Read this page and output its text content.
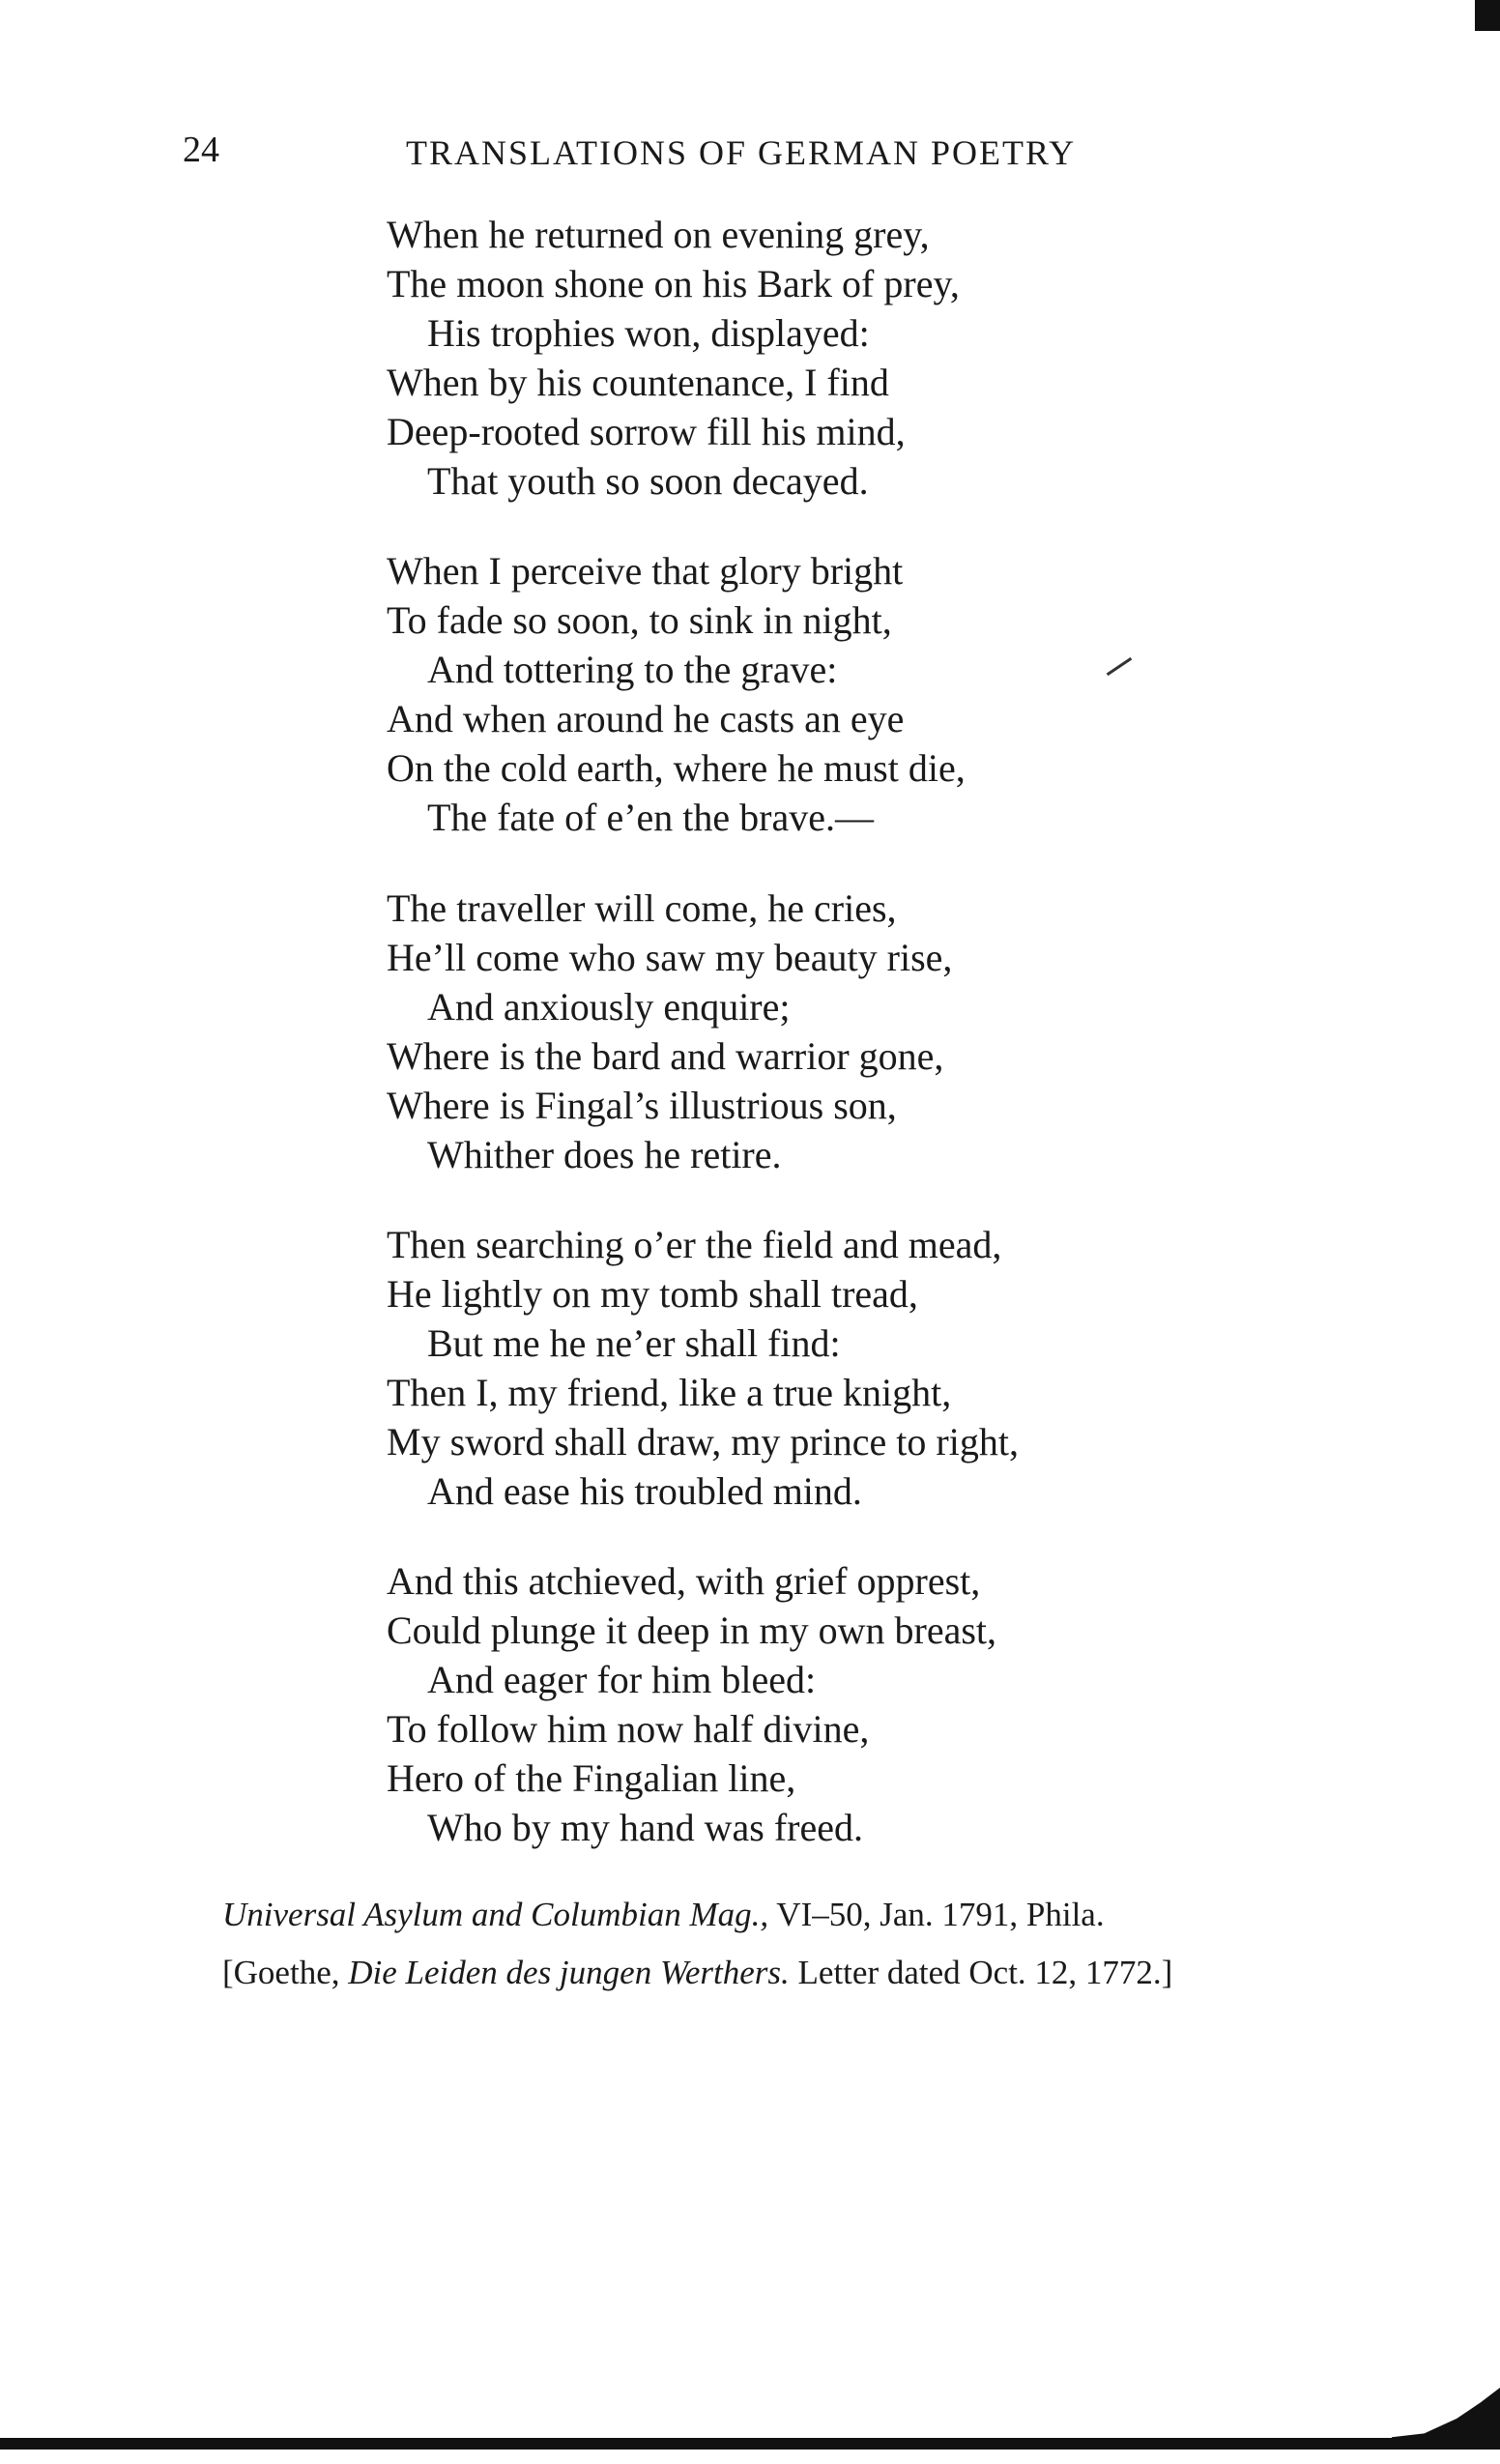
24	TRANSLATIONS OF GERMAN POETRY
When he returned on evening grey,
The moon shone on his Bark of prey,
His trophies won, displayed:
When by his countenance, I find
Deep-rooted sorrow fill his mind,
That youth so soon decayed.
When I perceive that glory bright
To fade so soon, to sink in night,
And tottering to the grave:
And when around he casts an eye
On the cold earth, where he must die,
The fate of e’en the brave.—
The traveller will come, he cries,
He’ll come who saw my beauty rise,
And anxiously enquire;
Where is the bard and warrior gone,
Where is Fingal’s illustrious son,
Whither does he retire.
Then searching o’er the field and mead,
He lightly on my tomb shall tread,
But me he ne’er shall find:
Then I, my friend, like a true knight,
My sword shall draw, my prince to right,
And ease his troubled mind.
And this atchieved, with grief opprest,
Could plunge it deep in my own breast,
And eager for him bleed:
To follow him now half divine,
Hero of the Fingalian line,
Who by my hand was freed.
Universal Asylum and Columbian Mag., VI–50, Jan. 1791, Phila.
[Goethe, Die Leiden des jungen Werthers. Letter dated Oct. 12, 1772.]
